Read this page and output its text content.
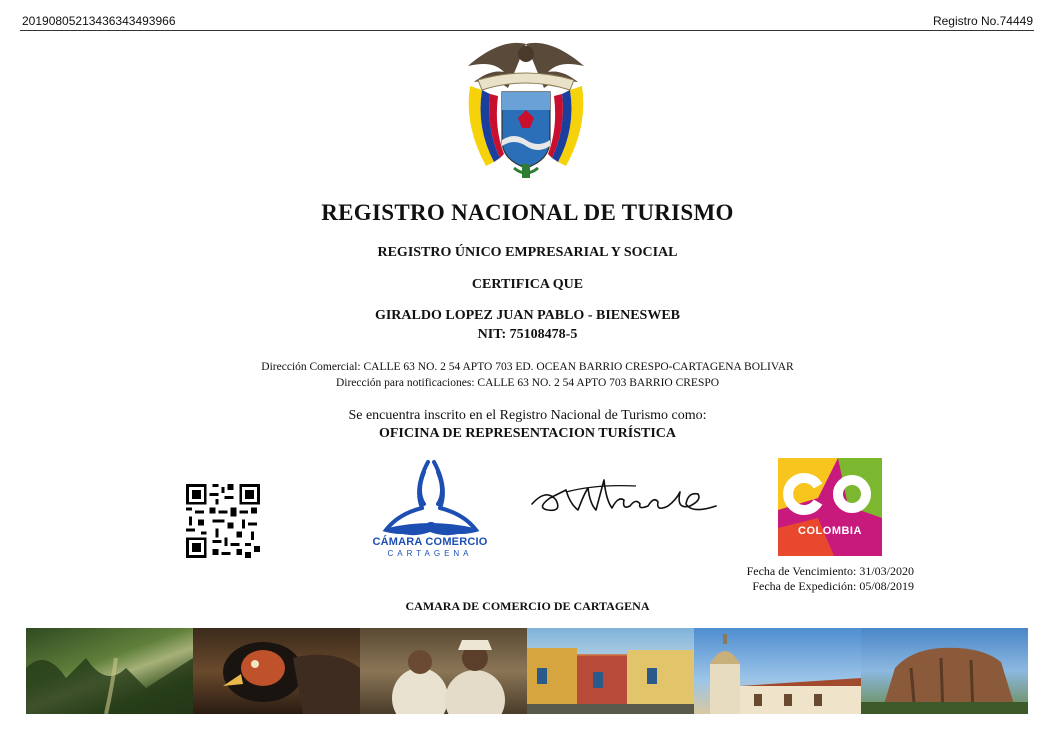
20190805213436343493966	Registro No.74449
REGISTRO NACIONAL DE TURISMO
REGISTRO ÚNICO EMPRESARIAL Y SOCIAL
CERTIFICA QUE
GIRALDO LOPEZ JUAN PABLO - BIENESWEB
NIT: 75108478-5
Dirección Comercial: CALLE 63 NO. 2 54 APTO 703 ED. OCEAN BARRIO CRESPO-CARTAGENA BOLIVAR
Dirección para notificaciones: CALLE 63 NO. 2 54 APTO 703 BARRIO CRESPO
Se encuentra inscrito en el Registro Nacional de Turismo como:
OFICINA DE REPRESENTACION TURÍSTICA
CÁMARA COMERCIO
CARTAGENA
COLOMBIA
Fecha de Vencimiento: 31/03/2020
Fecha de Expedición: 05/08/2019
CAMARA DE COMERCIO DE CARTAGENA
